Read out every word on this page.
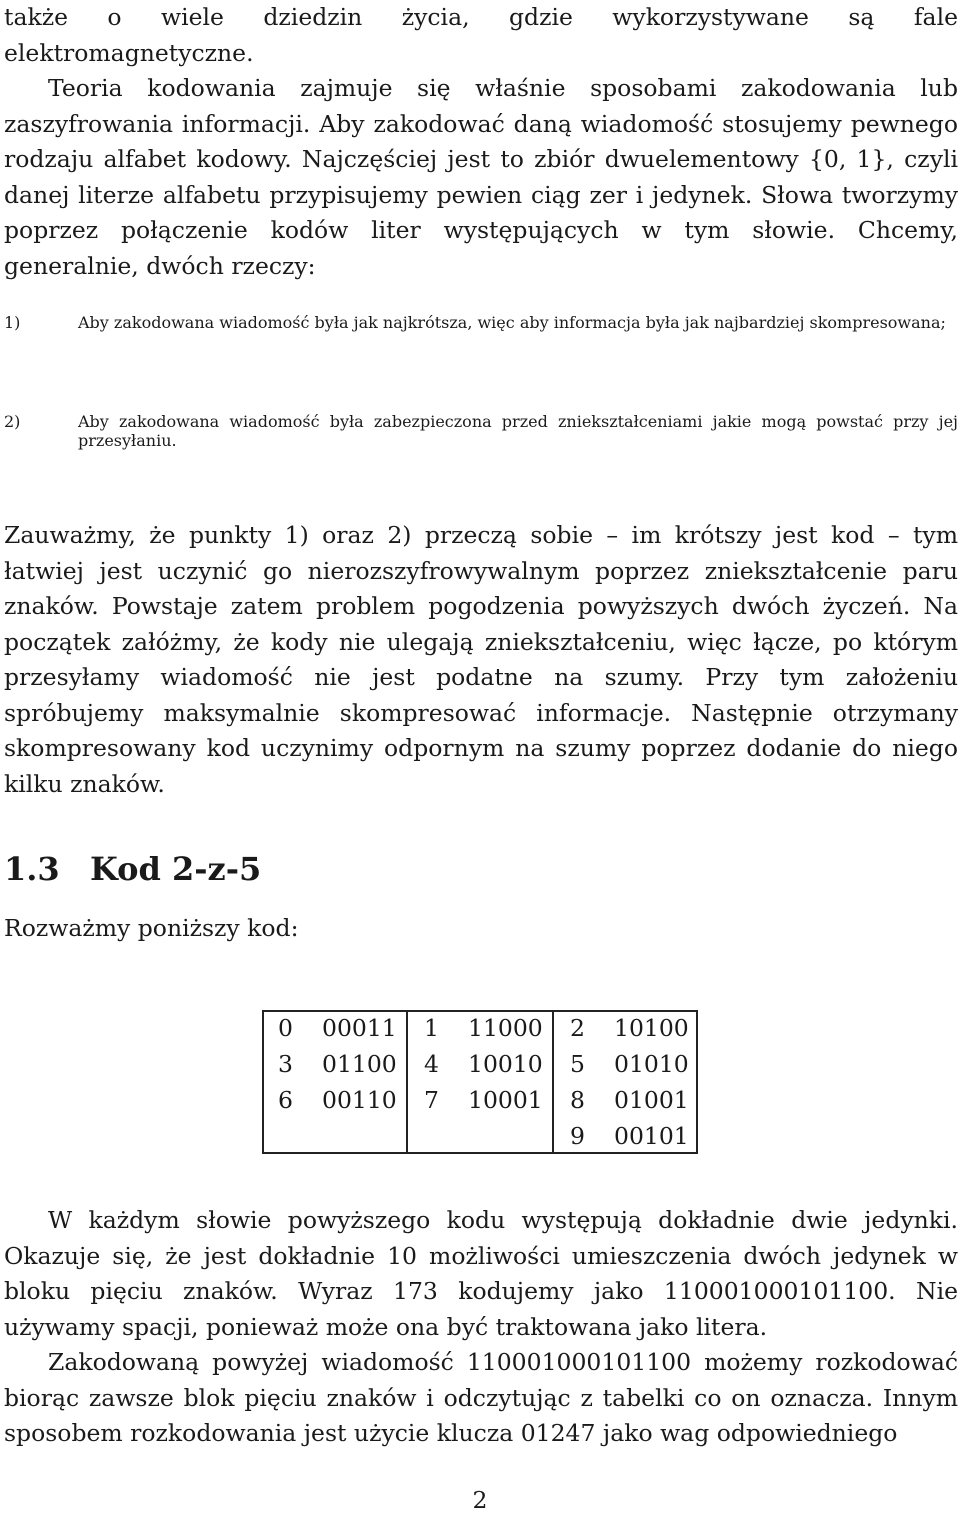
także o wiele dziedzin życia, gdzie wykorzystywane są fale elektromagnetyczne.

Teoria kodowania zajmuje się właśnie sposobami zakodowania lub zaszyfrowania informacji. Aby zakodować daną wiadomość stosujemy pewnego rodzaju alfabet kodowy. Najczęściej jest to zbiór dwuelementowy {0, 1}, czyli danej literze alfabetu przypisujemy pewien ciąg zer i jedynek. Słowa tworzymy poprzez połączenie kodów liter występujących w tym słowie. Chcemy, generalnie, dwóch rzeczy:

1)	Aby zakodowana wiadomość była jak najkrótsza, więc aby informacja była jak najbardziej skompresowana;
2)	Aby zakodowana wiadomość była zabezpieczona przed zniekształceniami jakie mogą powstać przy jej przesyłaniu.

Zauważmy, że punkty 1) oraz 2) przeczą sobie – im krótszy jest kod – tym łatwiej jest uczynić go nierozszyfrowywalnym poprzez zniekształcenie paru znaków. Powstaje zatem problem pogodzenia powyższych dwóch życzeń. Na początek załóżmy, że kody nie ulegają zniekształceniu, więc łącze, po którym przesyłamy wiadomość nie jest podatne na szumy. Przy tym założeniu spróbujemy maksymalnie skompresować informacje. Następnie otrzymany skompresowany kod uczynimy odpornym na szumy poprzez dodanie do niego kilku znaków.

1.3 Kod 2-z-5

Rozważmy poniższy kod:

W każdym słowie powyższego kodu występują dokładnie dwie jedynki. Okazuje się, że jest dokładnie 10 możliwości umieszczenia dwóch jedynek w bloku pięciu znaków. Wyraz 173 kodujemy jako 110001000101100. Nie używamy spacji, ponieważ może ona być traktowana jako litera.

Zakodowaną powyżej wiadomość 110001000101100 możemy rozkodować biorąc zawsze blok pięciu znaków i odczytując z tabelki co on oznacza. Innym sposobem rozkodowania jest użycie klucza 01247 jako wag odpowiedniego

0 00011 1 11000 2 10100
3 01100 4 10010 5 01010
6 00110 7 10001 8 01001
9 00101
2
